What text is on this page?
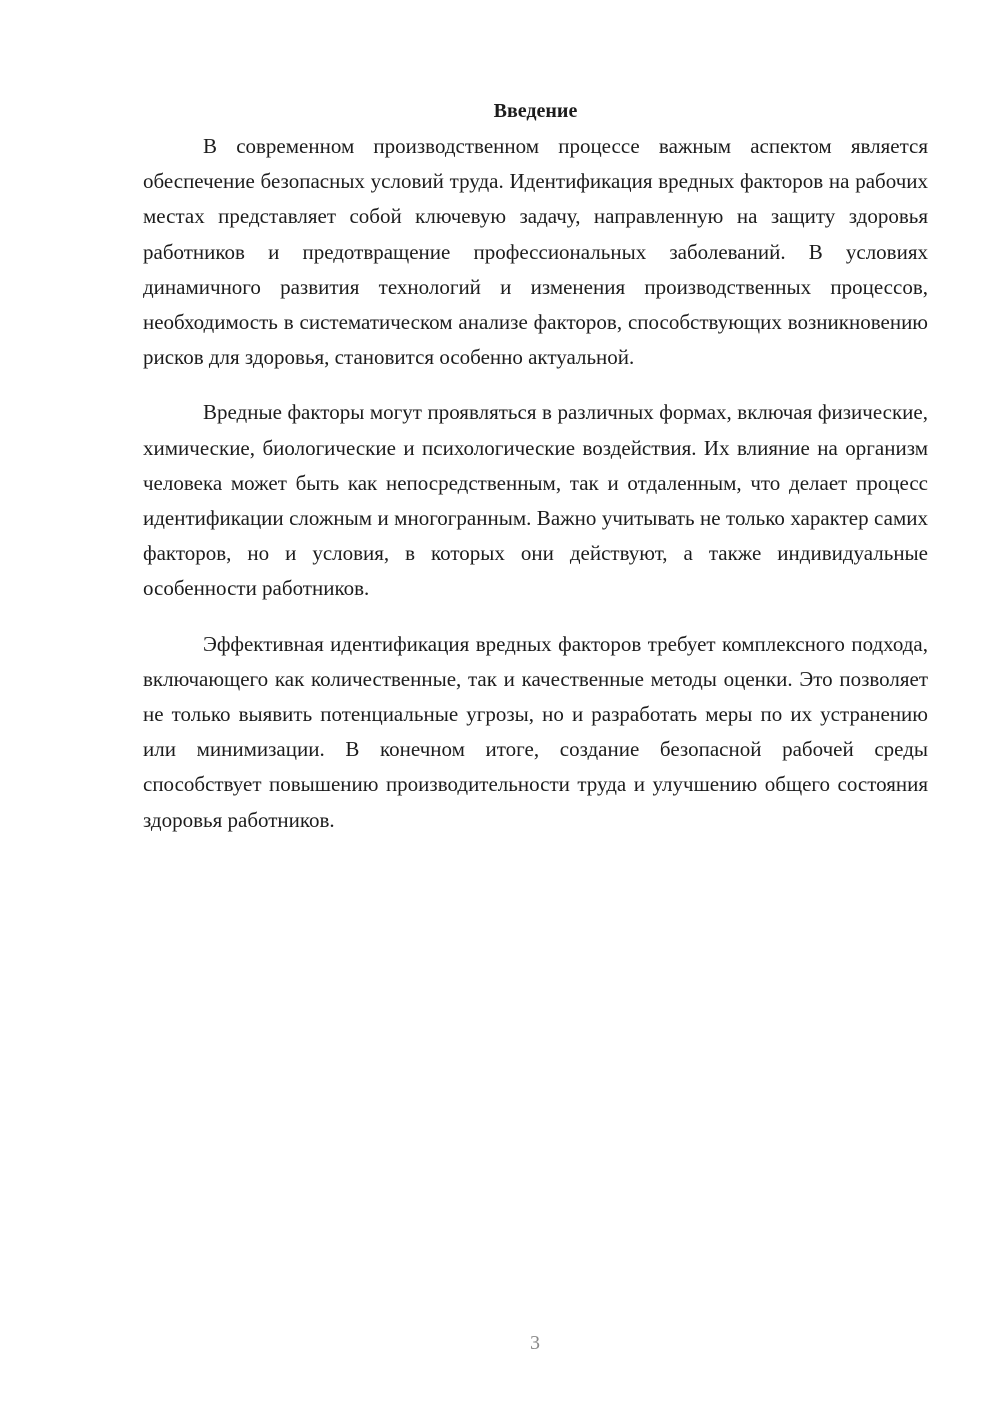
Введение

В современном производственном процессе важным аспектом является обеспечение безопасных условий труда. Идентификация вредных факторов на рабочих местах представляет собой ключевую задачу, направленную на защиту здоровья работников и предотвращение профессиональных заболеваний. В условиях динамичного развития технологий и изменения производственных процессов, необходимость в систематическом анализе факторов, способствующих возникновению рисков для здоровья, становится особенно актуальной.

Вредные факторы могут проявляться в различных формах, включая физические, химические, биологические и психологические воздействия. Их влияние на организм человека может быть как непосредственным, так и отдаленным, что делает процесс идентификации сложным и многогранным. Важно учитывать не только характер самих факторов, но и условия, в которых они действуют, а также индивидуальные особенности работников.

Эффективная идентификация вредных факторов требует комплексного подхода, включающего как количественные, так и качественные методы оценки. Это позволяет не только выявить потенциальные угрозы, но и разработать меры по их устранению или минимизации. В конечном итоге, создание безопасной рабочей среды способствует повышению производительности труда и улучшению общего состояния здоровья работников.

3
